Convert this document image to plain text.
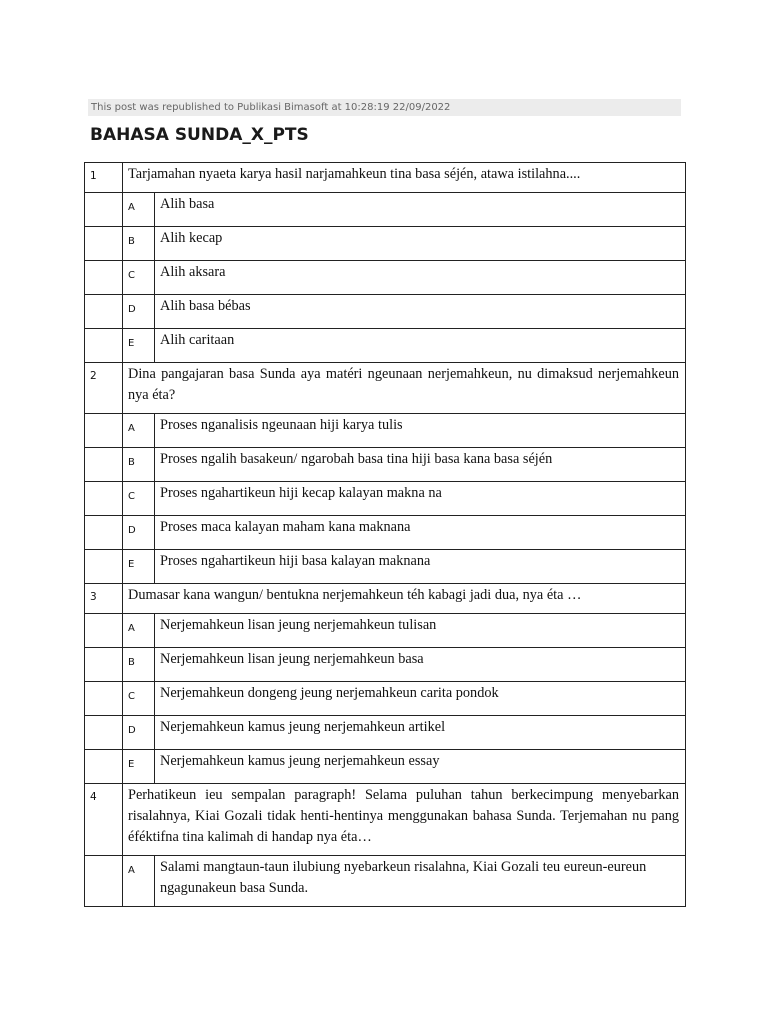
This post was republished to Publikasi Bimasoft at 10:28:19 22/09/2022
BAHASA SUNDA_X_PTS
1	Tarjamahan nyaeta karya hasil narjamahkeun tina basa séjén, atawa istilahna....	
	A	Alih basa
	B	Alih kecap
	C	Alih aksara
	D	Alih basa bébas
	E	Alih caritaan
2	Dina pangajaran basa Sunda aya matéri ngeunaan nerjemahkeun, nu dimaksud nerjemahkeun nya éta?	
	A	Proses nganalisis ngeunaan hiji karya tulis
	B	Proses ngalih basakeun/ ngarobah basa tina hiji basa kana basa séjén
	C	Proses ngahartikeun hiji kecap kalayan makna na
	D	Proses maca kalayan maham kana maknana
	E	Proses ngahartikeun hiji basa kalayan maknana
3	Dumasar kana wangun/ bentukna nerjemahkeun téh kabagi jadi dua, nya éta …	
	A	Nerjemahkeun lisan jeung nerjemahkeun tulisan
	B	Nerjemahkeun lisan jeung nerjemahkeun basa
	C	Nerjemahkeun dongeng jeung nerjemahkeun carita pondok
	D	Nerjemahkeun kamus jeung nerjemahkeun artikel
	E	Nerjemahkeun kamus jeung nerjemahkeun essay
4	Perhatikeun ieu sempalan paragraph! Selama puluhan tahun berkecimpung menyebarkan risalahnya, Kiai Gozali tidak henti-hentinya menggunakan bahasa Sunda. Terjemahan nu pang éféktifna tina kalimah di handap nya éta…	
	A	Salami mangtaun-taun ilubiung nyebarkeun risalahna, Kiai Gozali teu eureun-eureun ngagunakeun basa Sunda.
